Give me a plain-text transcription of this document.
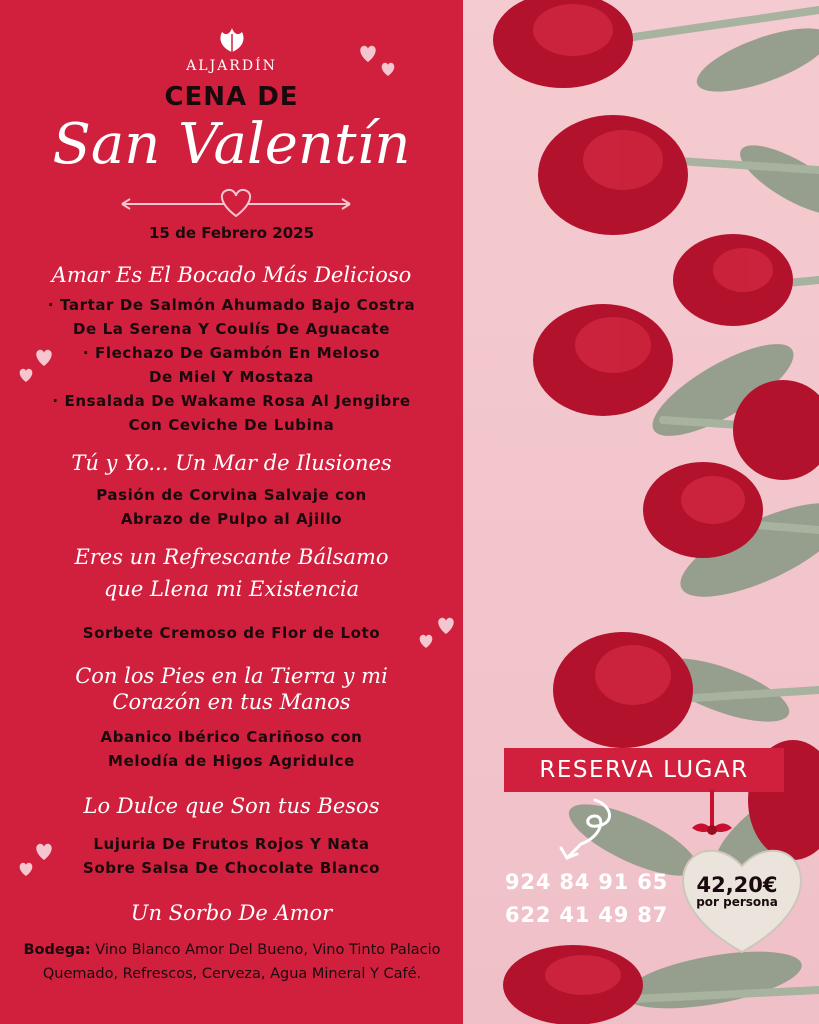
ALJARDÍN
CENA DE
San Valentín
15 de Febrero 2025
Amar Es El Bocado Más Delicioso
· Tartar De Salmón Ahumado Bajo Costra
De La Serena Y Coulís De Aguacate
· Flechazo De Gambón En Meloso
De Miel Y Mostaza
· Ensalada De Wakame Rosa Al Jengibre
Con Ceviche De Lubina
Tú y Yo... Un Mar de Ilusiones
Pasión de Corvina Salvaje con
Abrazo de Pulpo al Ajillo
Eres un Refrescante Bálsamo
que Llena mi Existencia
Sorbete Cremoso de Flor de Loto
Con los Pies en la Tierra y mi
Corazón en tus Manos
Abanico Ibérico Cariñoso con
Melodía de Higos Agridulce
Lo Dulce que Son tus Besos
Lujuria De Frutos Rojos Y Nata
Sobre Salsa De Chocolate Blanco
Un Sorbo De Amor
Bodega: Vino Blanco Amor Del Bueno, Vino Tinto Palacio Quemado, Refrescos, Cerveza, Agua Mineral Y Café.
RESERVA LUGAR
924 84 91 65
622 41 49 87
42,20€
por persona
